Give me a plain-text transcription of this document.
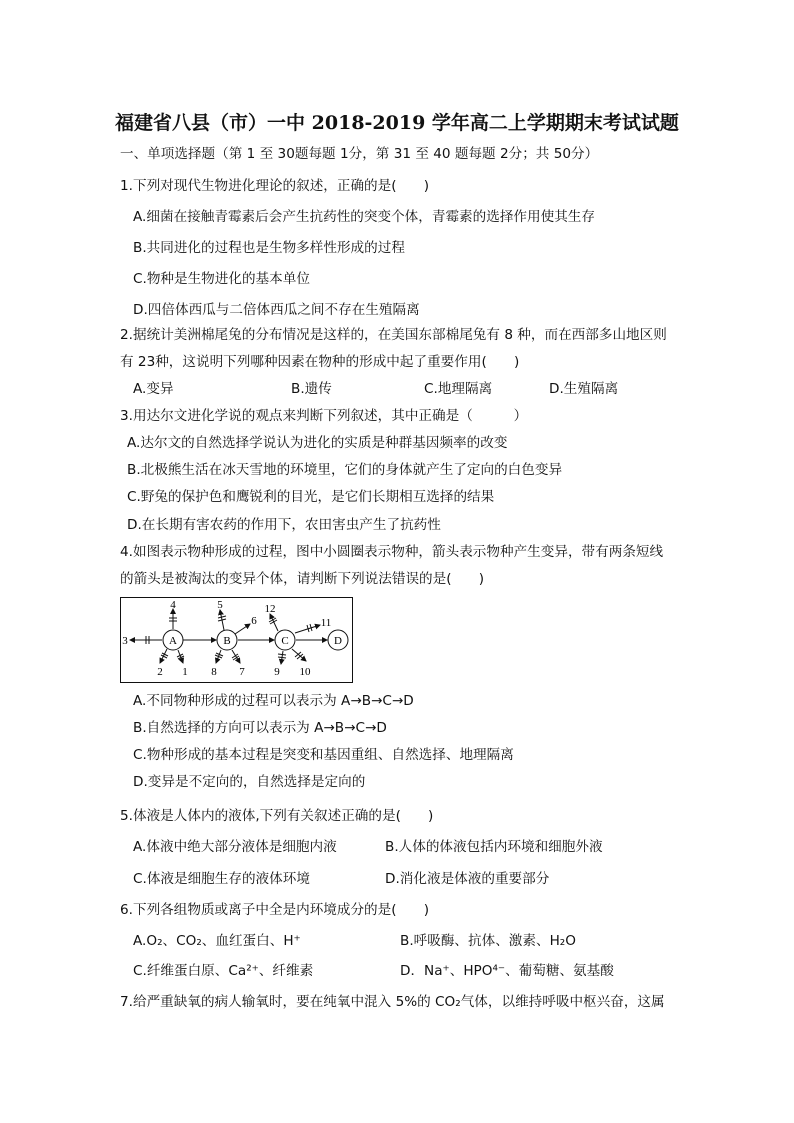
福建省八县（市）一中 2018-2019 学年高二上学期期末考试试题
一、单项选择题（第 1 至 30题每题 1分，第 31 至 40 题每题 2分；共 50分）
1.下列对现代生物进化理论的叙述，正确的是(　　)
A.细菌在接触青霉素后会产生抗药性的突变个体，青霉素的选择作用使其生存
B.共同进化的过程也是生物多样性形成的过程
C.物种是生物进化的基本单位
D.四倍体西瓜与二倍体西瓜之间不存在生殖隔离
2.据统计美洲棉尾兔的分布情况是这样的，在美国东部棉尾兔有 8 种，而在西部多山地区则
有 23种，这说明下列哪种因素在物种的形成中起了重要作用(　　)
A.变异	B.遗传	C.地理隔离	D.生殖隔离
3.用达尔文进化学说的观点来判断下列叙述，其中正确是（　　　）
A.达尔文的自然选择学说认为进化的实质是种群基因频率的改变
B.北极熊生活在冰天雪地的环境里，它们的身体就产生了定向的白色变异
C.野兔的保护色和鹰锐利的目光，是它们长期相互选择的结果
D.在长期有害农药的作用下，农田害虫产生了抗药性
4.如图表示物种形成的过程，图中小圆圈表示物种，箭头表示物种产生变异，带有两条短线
的箭头是被淘汰的变异个体，请判断下列说法错误的是(　　)
A	B	C	D
1
2
3
4	5
6
7
8	9 10
11
12
A.不同物种形成的过程可以表示为 A→B→C→D
B.自然选择的方向可以表示为 A→B→C→D
C.物种形成的基本过程是突变和基因重组、自然选择、地理隔离
D.变异是不定向的，自然选择是定向的
5.体液是人体内的液体,下列有关叙述正确的是(　　)
A.体液中绝大部分液体是细胞内液	B.人体的体液包括内环境和细胞外液
C.体液是细胞生存的液体环境	D.消化液是体液的重要部分
6.下列各组物质或离子中全是内环境成分的是(　　)
A.O₂、CO₂、血红蛋白、H⁺	B.呼吸酶、抗体、激素、H₂O
C.纤维蛋白原、Ca²⁺、纤维素	D．Na⁺、HPO⁴⁻、葡萄糖、氨基酸
7.给严重缺氧的病人输氧时，要在纯氧中混入 5%的 CO₂气体，以维持呼吸中枢兴奋，这属
